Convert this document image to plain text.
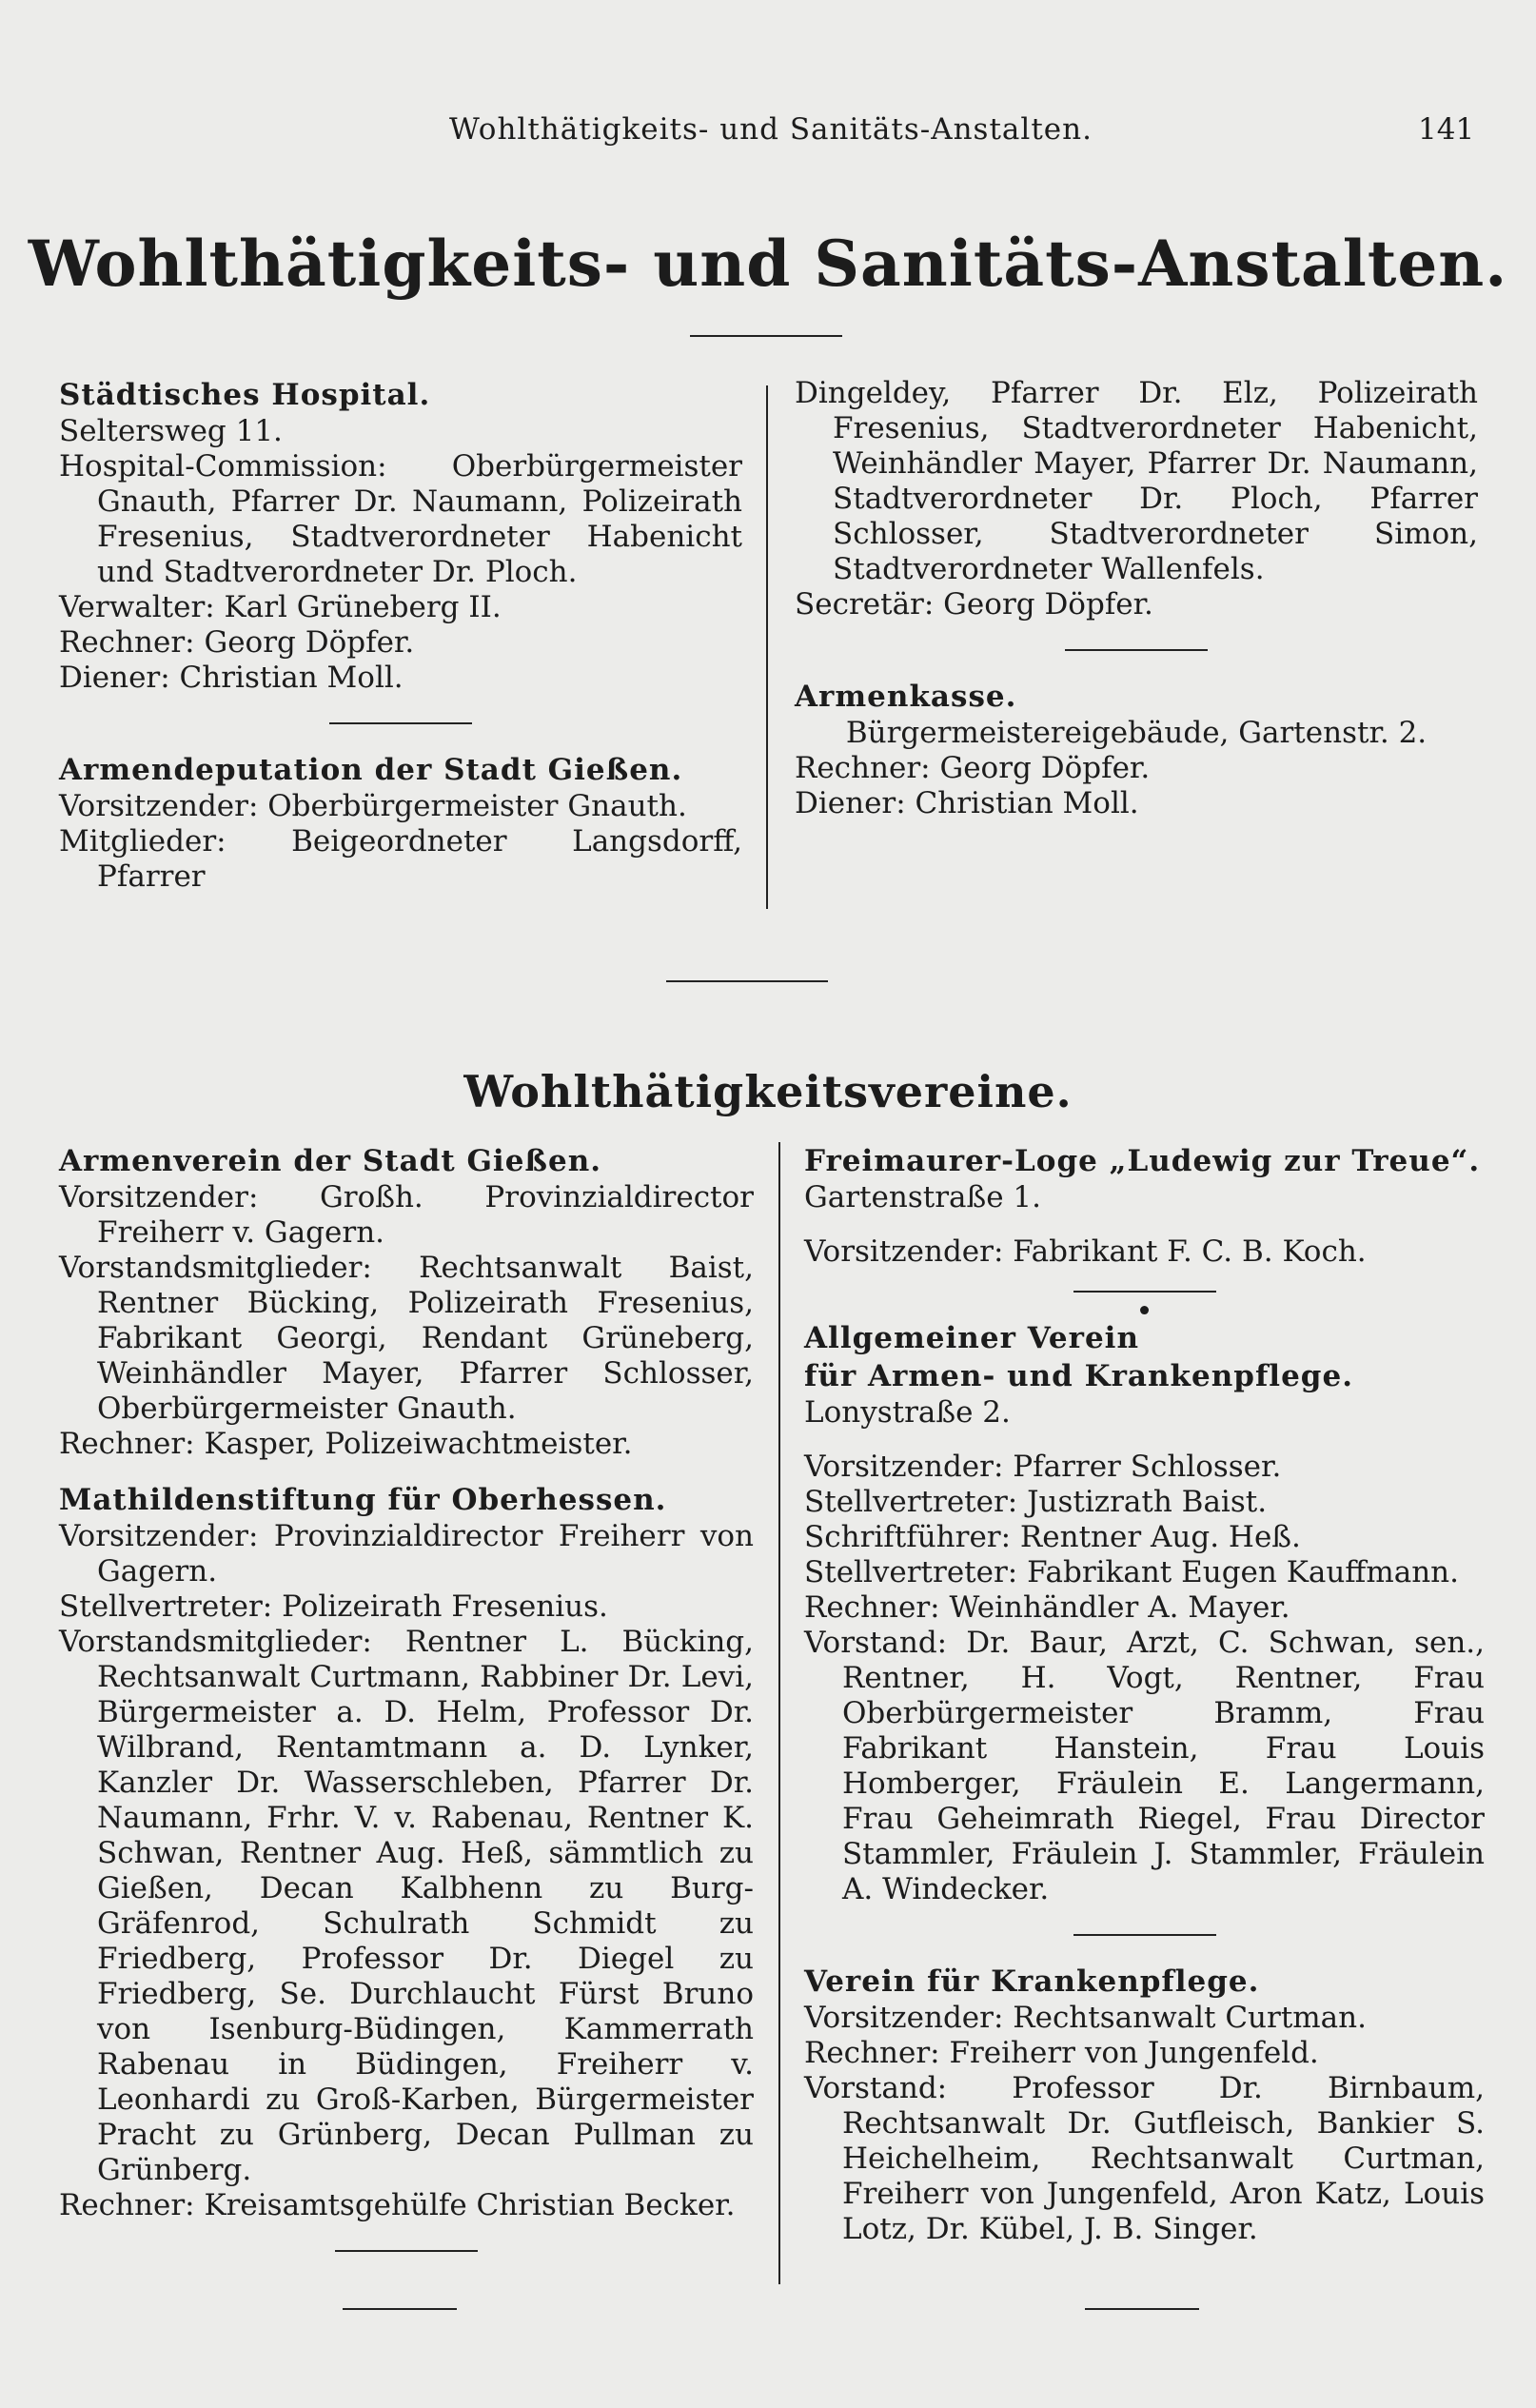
Wohlthätigkeits- und Sanitäts-Anstalten.	141
Wohlthätigkeits- und Sanitäts-Anstalten.

Städtisches Hospital.

Seltersweg 11.

Hospital-Commission: Oberbürgermeister Gnauth, Pfarrer Dr. Naumann, Polizeirath Fresenius, Stadtverordneter Habenicht und Stadtverordneter Dr. Ploch.

Verwalter: Karl Grüneberg II.

Rechner: Georg Döpfer.

Diener: Christian Moll.

Armendeputation der Stadt Gießen.

Vorsitzender: Oberbürgermeister Gnauth.

Mitglieder: Beigeordneter Langsdorff, Pfarrer

Dingeldey, Pfarrer Dr. Elz, Polizeirath Fresenius, Stadtverordneter Habenicht, Weinhändler Mayer, Pfarrer Dr. Naumann, Stadtverordneter Dr. Ploch, Pfarrer Schlosser, Stadtverordneter Simon, Stadtverordneter Wallenfels.

Secretär: Georg Döpfer.

Armenkasse.

Bürgermeistereigebäude, Gartenstr. 2.

Rechner: Georg Döpfer.

Diener: Christian Moll.

Wohlthätigkeitsvereine.

Armenverein der Stadt Gießen.

Vorsitzender: Großh. Provinzialdirector Freiherr v. Gagern.

Vorstandsmitglieder: Rechtsanwalt Baist, Rentner Bücking, Polizeirath Fresenius, Fabrikant Georgi, Rendant Grüneberg, Weinhändler Mayer, Pfarrer Schlosser, Oberbürgermeister Gnauth.

Rechner: Kasper, Polizeiwachtmeister.

Mathildenstiftung für Oberhessen.

Vorsitzender: Provinzialdirector Freiherr von Gagern.

Stellvertreter: Polizeirath Fresenius.

Vorstandsmitglieder: Rentner L. Bücking, Rechtsanwalt Curtmann, Rabbiner Dr. Levi, Bürgermeister a. D. Helm, Professor Dr. Wilbrand, Rentamtmann a. D. Lynker, Kanzler Dr. Wasserschleben, Pfarrer Dr. Naumann, Frhr. V. v. Rabenau, Rentner K. Schwan, Rentner Aug. Heß, sämmtlich zu Gießen, Decan Kalbhenn zu Burg-Gräfenrod, Schulrath Schmidt zu Friedberg, Professor Dr. Diegel zu Friedberg, Se. Durchlaucht Fürst Bruno von Isenburg-Büdingen, Kammerrath Rabenau in Büdingen, Freiherr v. Leonhardi zu Groß-Karben, Bürgermeister Pracht zu Grünberg, Decan Pullman zu Grünberg.

Rechner: Kreisamtsgehülfe Christian Becker.

Freimaurer-Loge „Ludewig zur Treue“.

Gartenstraße 1.

Vorsitzender: Fabrikant F. C. B. Koch.

•

Allgemeiner Verein

für Armen- und Krankenpflege.

Lonystraße 2.

Vorsitzender: Pfarrer Schlosser.

Stellvertreter: Justizrath Baist.

Schriftführer: Rentner Aug. Heß.

Stellvertreter: Fabrikant Eugen Kauffmann.

Rechner: Weinhändler A. Mayer.

Vorstand: Dr. Baur, Arzt, C. Schwan, sen., Rentner, H. Vogt, Rentner, Frau Oberbürgermeister Bramm, Frau Fabrikant Hanstein, Frau Louis Homberger, Fräulein E. Langermann, Frau Geheimrath Riegel, Frau Director Stammler, Fräulein J. Stammler, Fräulein A. Windecker.

Verein für Krankenpflege.

Vorsitzender: Rechtsanwalt Curtman.

Rechner: Freiherr von Jungenfeld.

Vorstand: Professor Dr. Birnbaum, Rechtsanwalt Dr. Gutfleisch, Bankier S. Heichelheim, Rechtsanwalt Curtman, Freiherr von Jungenfeld, Aron Katz, Louis Lotz, Dr. Kübel, J. B. Singer.
